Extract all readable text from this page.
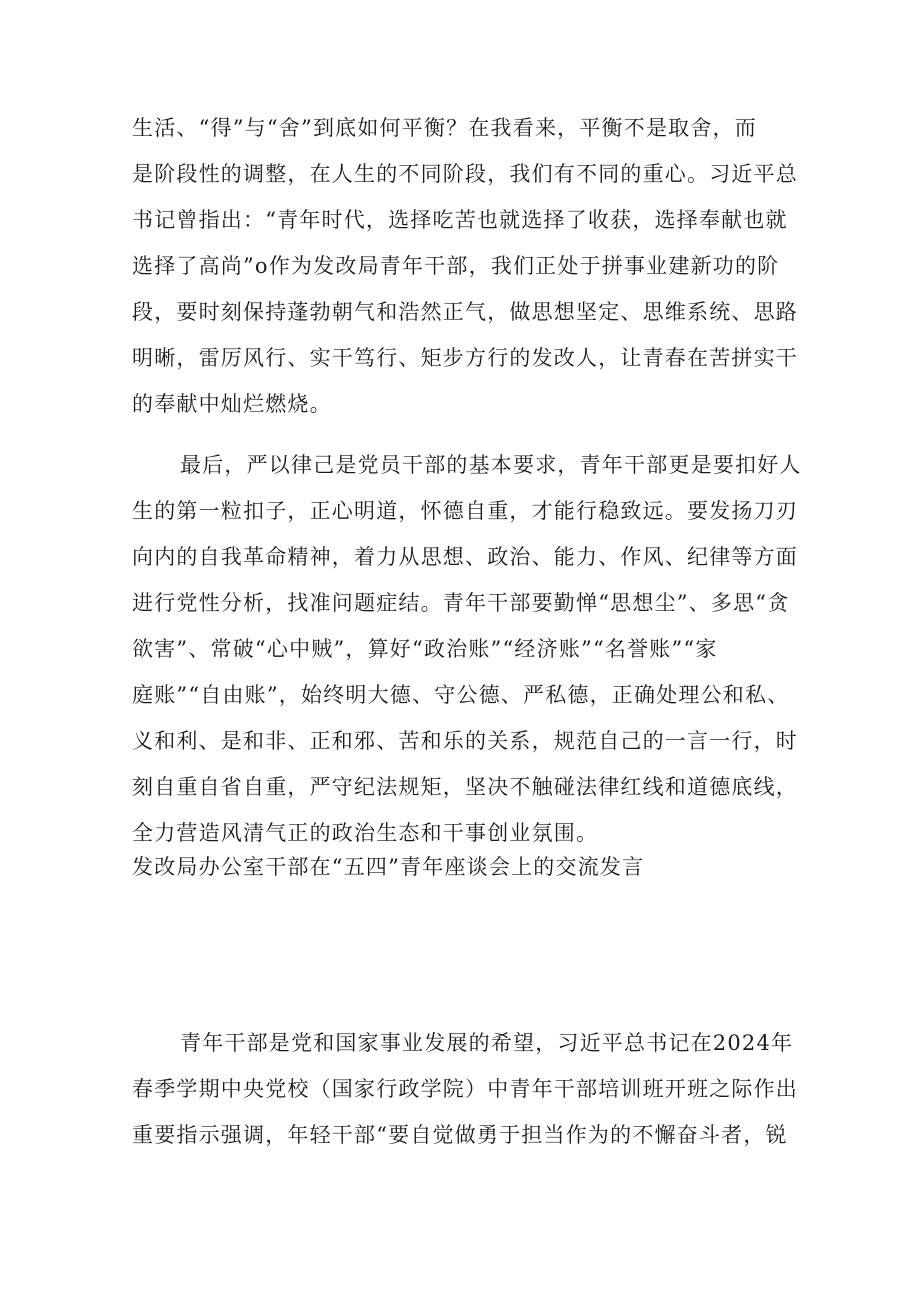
生活、“得”与“舍”到底如何平衡？在我看来，平衡不是取舍，而
是阶段性的调整，在人生的不同阶段，我们有不同的重心。习近平总
书记曾指出：“青年时代，选择吃苦也就选择了收获，选择奉献也就
选择了高尚”o作为发改局青年干部，我们正处于拼事业建新功的阶
段，要时刻保持蓬勃朝气和浩然正气，做思想坚定、思维系统、思路
明晰，雷厉风行、实干笃行、矩步方行的发改人，让青春在苦拼实干
的奉献中灿烂燃烧。
最后，严以律己是党员干部的基本要求，青年干部更是要扣好人
生的第一粒扣子，正心明道，怀德自重，才能行稳致远。要发扬刀刃
向内的自我革命精神，着力从思想、政治、能力、作风、纪律等方面
进行党性分析，找准问题症结。青年干部要勤惮“思想尘”、多思“贪
欲害”、常破“心中贼”，算好“政治账”“经济账”“名誉账”“家
庭账”“自由账”，始终明大德、守公德、严私德，正确处理公和私、
义和利、是和非、正和邪、苦和乐的关系，规范自己的一言一行，时
刻自重自省自重，严守纪法规矩，坚决不触碰法律红线和道德底线，
全力营造风清气正的政治生态和干事创业氛围。
发改局办公室干部在“五四”青年座谈会上的交流发言
青年干部是党和国家事业发展的希望，习近平总书记在2024年
春季学期中央党校（国家行政学院）中青年干部培训班开班之际作出
重要指示强调，年轻干部“要自觉做勇于担当作为的不懈奋斗者，锐
